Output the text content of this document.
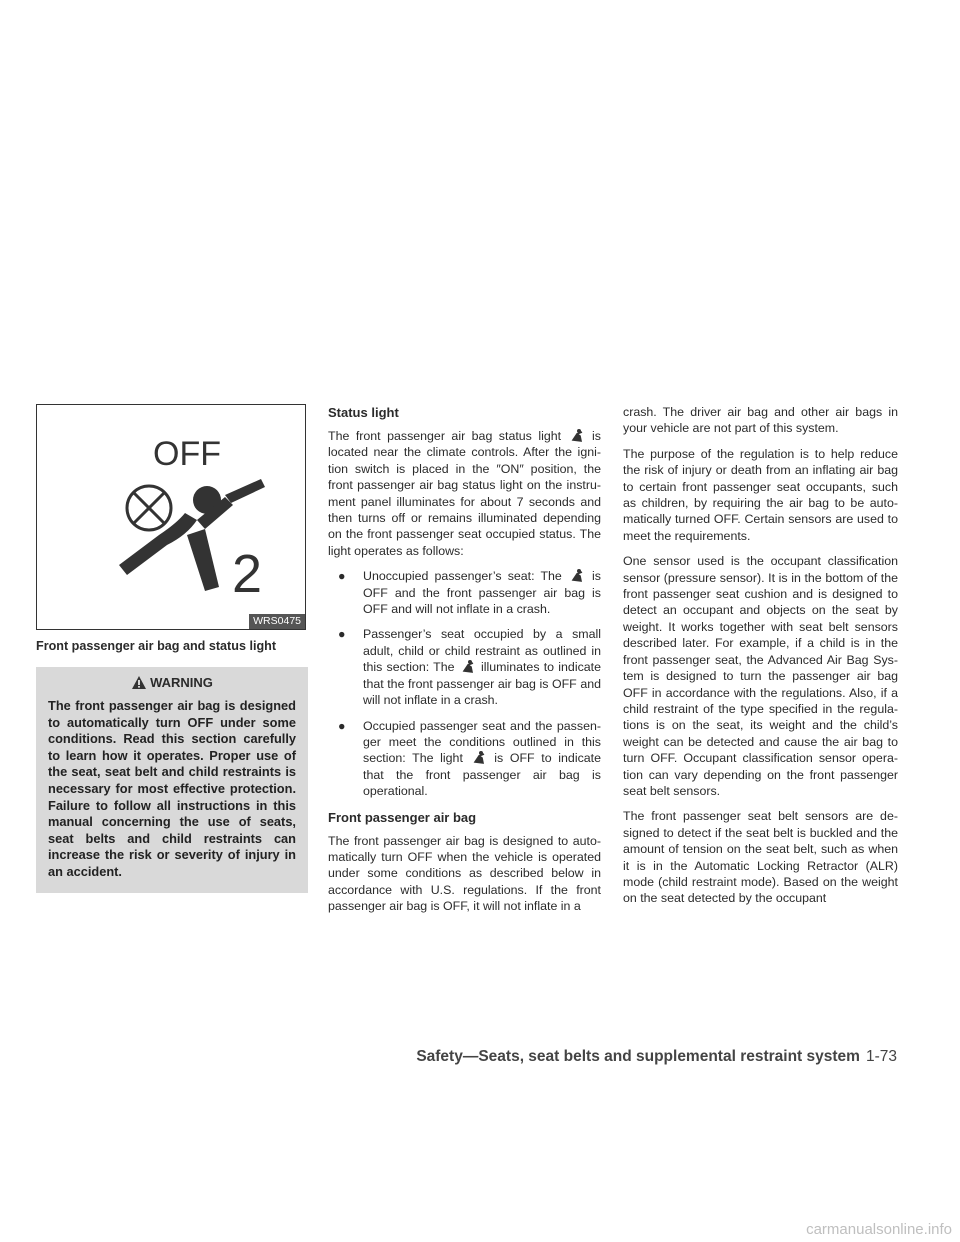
OFF
2
WRS0475
Front passenger air bag and status light
WARNING
The front passenger air bag is designed to automatically turn OFF under some conditions. Read this section carefully to learn how it operates. Proper use of the seat, seat belt and child restraints is necessary for most effective protection. Failure to follow all instructions in this manual concerning the use of seats, seat belts and child restraints can increase the risk or severity of injury in an accident.
Status light

The front passenger air bag status light is located near the climate controls. After the ignition switch is placed in the ″ON″ position, the front passenger air bag status light on the instrument panel illuminates for about 7 seconds and then turns off or remains illuminated depending on the front passenger seat occupied status. The light operates as follows:

● Unoccupied passenger’s seat: The is OFF and the front passenger air bag is OFF and will not inflate in a crash.

● Passenger’s seat occupied by a small adult, child or child restraint as outlined in this section: The illuminates to indicate that the front passenger air bag is OFF and will not inflate in a crash.

● Occupied passenger seat and the passenger meet the conditions outlined in this section: The light	is OFF to indicate that the front passenger air bag is operational.

Front passenger air bag

The front passenger air bag is designed to automatically turn OFF when the vehicle is operated under some conditions as described below in accordance with U.S. regulations. If the front passenger air bag is OFF, it will not inflate in a

crash. The driver air bag and other air bags in your vehicle are not part of this system.

The purpose of the regulation is to help reduce the risk of injury or death from an inflating air bag to certain front passenger seat occupants, such as children, by requiring the air bag to be automatically turned OFF. Certain sensors are used to meet the requirements.

One sensor used is the occupant classification sensor (pressure sensor). It is in the bottom of the front passenger seat cushion and is designed to detect an occupant and objects on the seat by weight. It works together with seat belt sensors described later. For example, if a child is in the front passenger seat, the Advanced Air Bag System is designed to turn the passenger air bag OFF in accordance with the regulations. Also, if a child restraint of the type specified in the regulations is on the seat, its weight and the child’s weight can be detected and cause the air bag to turn OFF. Occupant classification sensor operation can vary depending on the front passenger seat belt sensors.

The front passenger seat belt sensors are designed to detect if the seat belt is buckled and the amount of tension on the seat belt, such as when it is in the Automatic Locking Retractor (ALR) mode (child restraint mode). Based on the weight on the seat detected by the occupant

Safety—Seats, seat belts and supplemental restraint system 1-73
carmanualsonline.info
